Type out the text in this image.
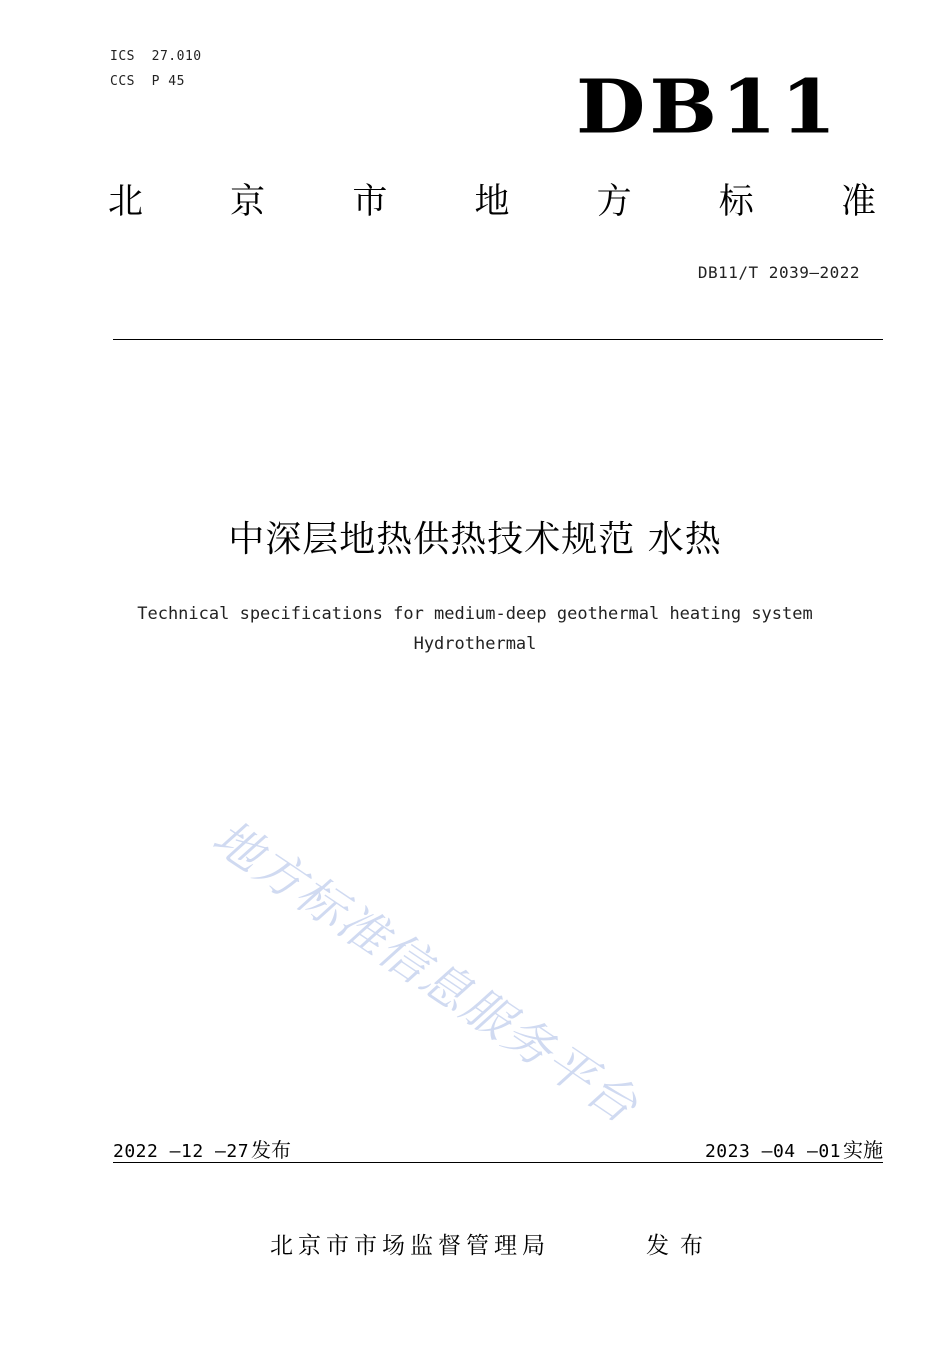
ICS  27.010
CCS  P 45	DB11
北 京 市 地 方 标 准
DB11/T 2039—2022
中深层地热供热技术规范 水热
Technical specifications for medium-deep geothermal heating system
Hydrothermal
地方标准信息服务平台
2022 —12 —27 发布	2023 —04 —01 实施
北京市市场监督管理局	发布
